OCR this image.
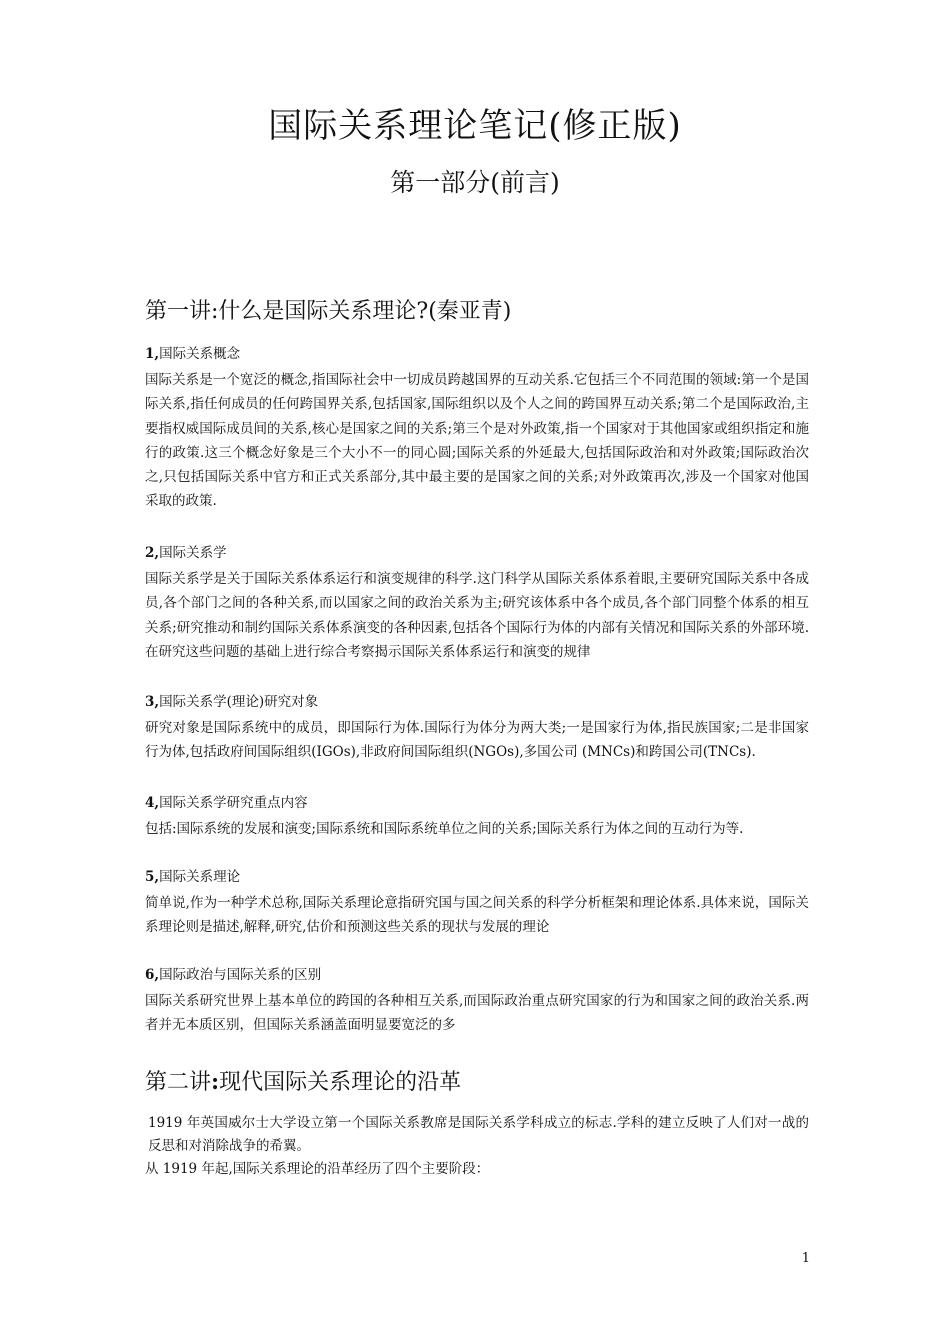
国际关系理论笔记(修正版)
第一部分(前言)
第一讲:什么是国际关系理论?(秦亚青)
1,国际关系概念
国际关系是一个宽泛的概念,指国际社会中一切成员跨越国界的互动关系.它包括三个不同范围的领域:第一个是国际关系,指任何成员的任何跨国界关系,包括国家,国际组织以及个人之间的跨国界互动关系;第二个是国际政治,主要指权威国际成员间的关系,核心是国家之间的关系;第三个是对外政策,指一个国家对于其他国家或组织指定和施行的政策.这三个概念好象是三个大小不一的同心圆;国际关系的外延最大,包括国际政治和对外政策;国际政治次之,只包括国际关系中官方和正式关系部分,其中最主要的是国家之间的关系;对外政策再次,涉及一个国家对他国采取的政策.
2,国际关系学
国际关系学是关于国际关系体系运行和演变规律的科学.这门科学从国际关系体系着眼,主要研究国际关系中各成员,各个部门之间的各种关系,而以国家之间的政治关系为主;研究该体系中各个成员,各个部门同整个体系的相互关系;研究推动和制约国际关系体系演变的各种因素,包括各个国际行为体的内部有关情况和国际关系的外部环境.在研究这些问题的基础上进行综合考察揭示国际关系体系运行和演变的规律
3,国际关系学(理论)研究对象
研究对象是国际系统中的成员，即国际行为体.国际行为体分为两大类;一是国家行为体,指民族国家;二是非国家行为体,包括政府间国际组织(IGOs),非政府间国际组织(NGOs),多国公司 (MNCs)和跨国公司(TNCs).
4,国际关系学研究重点内容
包括:国际系统的发展和演变;国际系统和国际系统单位之间的关系;国际关系行为体之间的互动行为等.
5,国际关系理论
简单说,作为一种学术总称,国际关系理论意指研究国与国之间关系的科学分析框架和理论体系.具体来说，国际关系理论则是描述,解释,研究,估价和预测这些关系的现状与发展的理论
6,国际政治与国际关系的区别
国际关系研究世界上基本单位的跨国的各种相互关系,而国际政治重点研究国家的行为和国家之间的政治关系.两者并无本质区别，但国际关系涵盖面明显要宽泛的多
第二讲:现代国际关系理论的沿革

1919 年英国威尔士大学设立第一个国际关系教席是国际关系学科成立的标志.学科的建立反映了人们对一战的反思和对消除战争的希翼。

从 1919 年起,国际关系理论的沿革经历了四个主要阶段：

1
